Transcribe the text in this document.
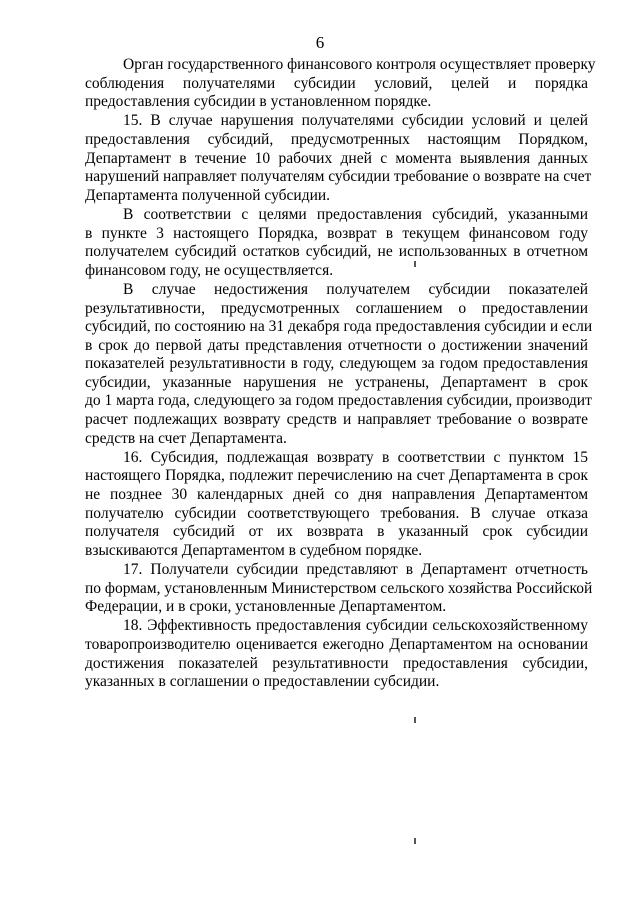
6
Орган государственного финансового контроля осуществляет проверку
соблюдения получателями субсидии условий, целей и порядка
предоставления субсидии в установленном порядке.
15. В случае нарушения получателями субсидии условий и целей
предоставления субсидий, предусмотренных настоящим Порядком,
Департамент в течение 10 рабочих дней с момента выявления данных
нарушений направляет получателям субсидии требование о возврате на счет
Департамента полученной субсидии.
В соответствии с целями предоставления субсидий, указанными
в пункте 3 настоящего Порядка, возврат в текущем финансовом году
получателем субсидий остатков субсидий, не использованных в отчетном
финансовом году, не осуществляется.
В случае недостижения получателем субсидии показателей
результативности, предусмотренных соглашением о предоставлении
субсидий, по состоянию на 31 декабря года предоставления субсидии и если
в срок до первой даты представления отчетности о достижении значений
показателей результативности в году, следующем за годом предоставления
субсидии, указанные нарушения не устранены, Департамент в срок
до 1 марта года, следующего за годом предоставления субсидии, производит
расчет подлежащих возврату средств и направляет требование о возврате
средств на счет Департамента.
16. Субсидия, подлежащая возврату в соответствии с пунктом 15
настоящего Порядка, подлежит перечислению на счет Департамента в срок
не позднее 30 календарных дней со дня направления Департаментом
получателю субсидии соответствующего требования. В случае отказа
получателя субсидий от их возврата в указанный срок субсидии
взыскиваются Департаментом в судебном порядке.
17. Получатели субсидии представляют в Департамент отчетность
по формам, установленным Министерством сельского хозяйства Российской
Федерации, и в сроки, установленные Департаментом.
18. Эффективность предоставления субсидии сельскохозяйственному
товаропроизводителю оценивается ежегодно Департаментом на основании
достижения показателей результативности предоставления субсидии,
указанных в соглашении о предоставлении субсидии.
